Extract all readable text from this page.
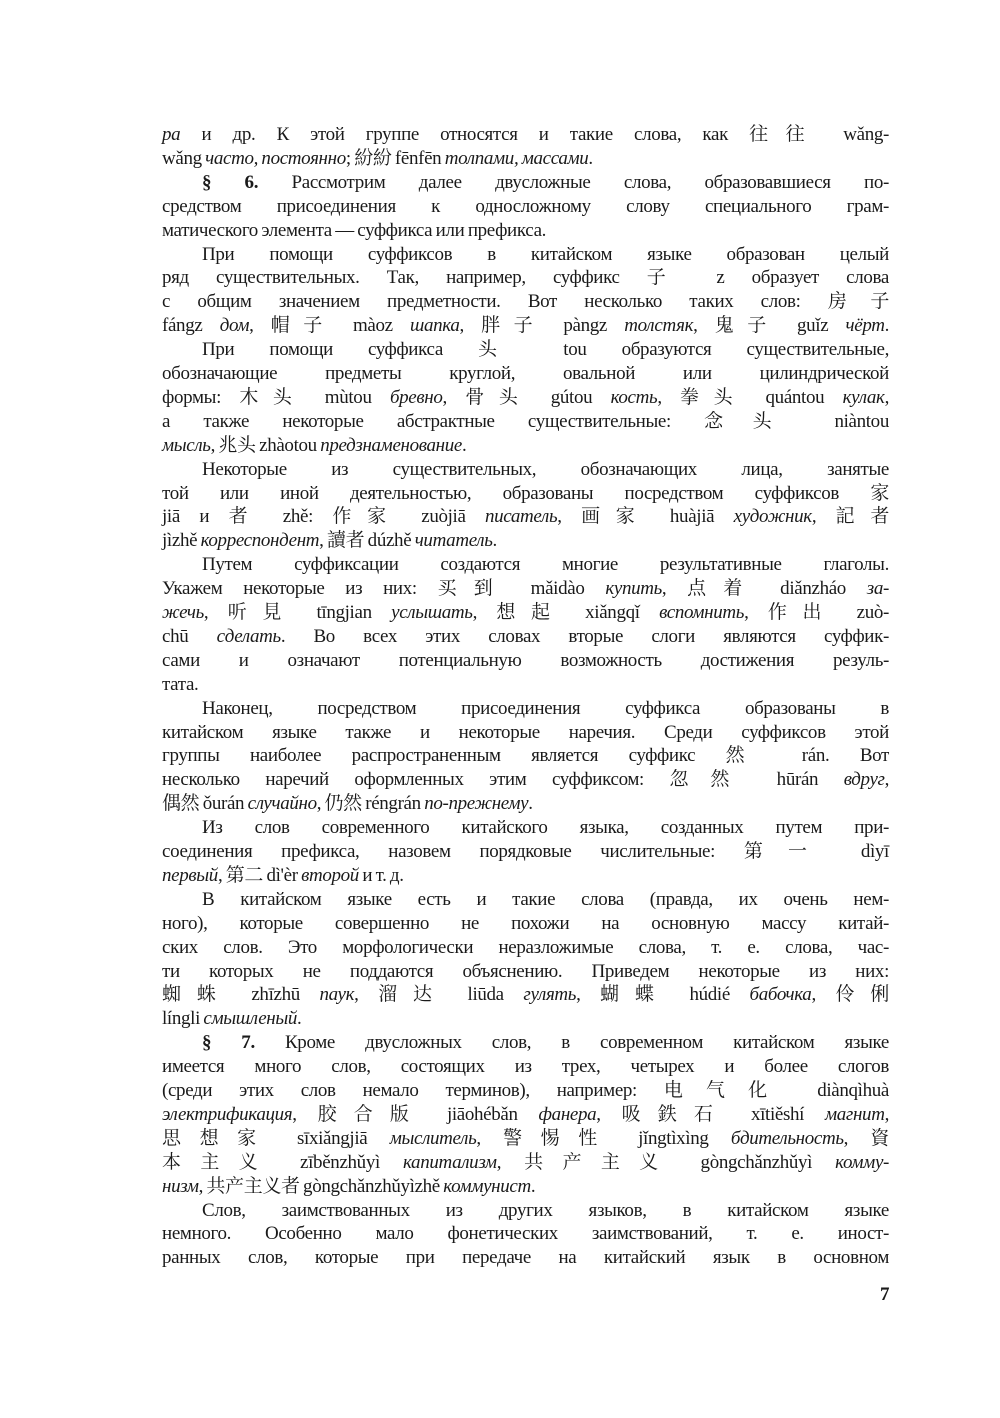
ра и др. К этой группе относятся и такие слова, как 往往 wǎng-
wǎng часто, постоянно; 紛紛 fēnfēn толпами, массами.
§ 6. Рассмотрим далее двусложные слова, образовавшиеся по-
средством присоединения к односложному слову специального грам-
матического элемента — суффикса или префикса.
При помощи суффиксов в китайском языке образован целый
ряд существительных. Так, например, суффикс 子 z образует слова
с общим значением предметности. Вот несколько таких слов: 房子
fángz дом, 帽子 màoz шапка, 胖子 pàngz толстяк, 鬼子 guǐz чёрт.
При помощи суффикса 头 tou образуются существительные,
обозначающие предметы круглой, овальной или цилиндрической
формы: 木头 mùtou бревно, 骨头 gútou кость, 拳头 quántou кулак,
а также некоторые абстрактные существительные: 念头 niàntou
мысль, 兆头 zhàotou предзнаменование.
Некоторые из существительных, обозначающих лица, занятые
той или иной деятельностью, образованы посредством суффиксов 家
jiā и 者 zhě: 作家 zuòjiā писатель, 画家 huàjiā художник, 記者
jìzhě корреспондент, 讀者 dúzhě читатель.
Путем суффиксации создаются многие результативные глаголы.
Укажем некоторые из них: 买到 mǎidào купить, 点着 diǎnzháo за-
жечь, 听見 tīngjian услышать, 想起 xiǎngqǐ вспомнить, 作出 zuò-
chū сделать. Во всех этих словах вторые слоги являются суффик-
сами и означают потенциальную возможность достижения резуль-
тата.
Наконец, посредством присоединения суффикса образованы в
китайском языке также и некоторые наречия. Среди суффиксов этой
группы наиболее распространенным является суффикс 然 rán. Вот
несколько наречий оформленных этим суффиксом: 忽然 hūrán вдруг,
偶然 ǒurán случайно, 仍然 réngrán по-прежнему.
Из слов современного китайского языка, созданных путем при-
соединения префикса, назовем порядковые числительные: 第一 dìyī
первый, 第二 dì'èr второй и т. д.
В китайском языке есть и такие слова (правда, их очень нем-
ного), которые совершенно не похожи на основную массу китай-
ских слов. Это морфологически неразложимые слова, т. е. слова, час-
ти которых не поддаются объяснению. Приведем некоторые из них:
蜘蛛 zhīzhū паук, 溜达 liūda гулять, 蝴蝶 húdié бабочка, 伶俐
língli смышленый.
§ 7. Кроме двусложных слов, в современном китайском языке
имеется много слов, состоящих из трех, четырех и более слогов
(среди этих слов немало терминов), например: 电气化 diànqìhuà
электрификация, 胶合版 jiāohébǎn фанера, 吸鉄石 xītiěshí магнит,
思想家 sīxiǎngjiā мыслитель, 警惕性 jǐngtìxìng бдительность, 資
本主义 zīběnzhǔyì капитализм, 共产主义 gòngchǎnzhǔyì комму-
низм, 共产主义者 gòngchǎnzhǔyìzhě коммунист.
Слов, заимствованных из других языков, в китайском языке
немного. Особенно мало фонетических заимствований, т. е. иност-
ранных слов, которые при передаче на китайский язык в основном
7
